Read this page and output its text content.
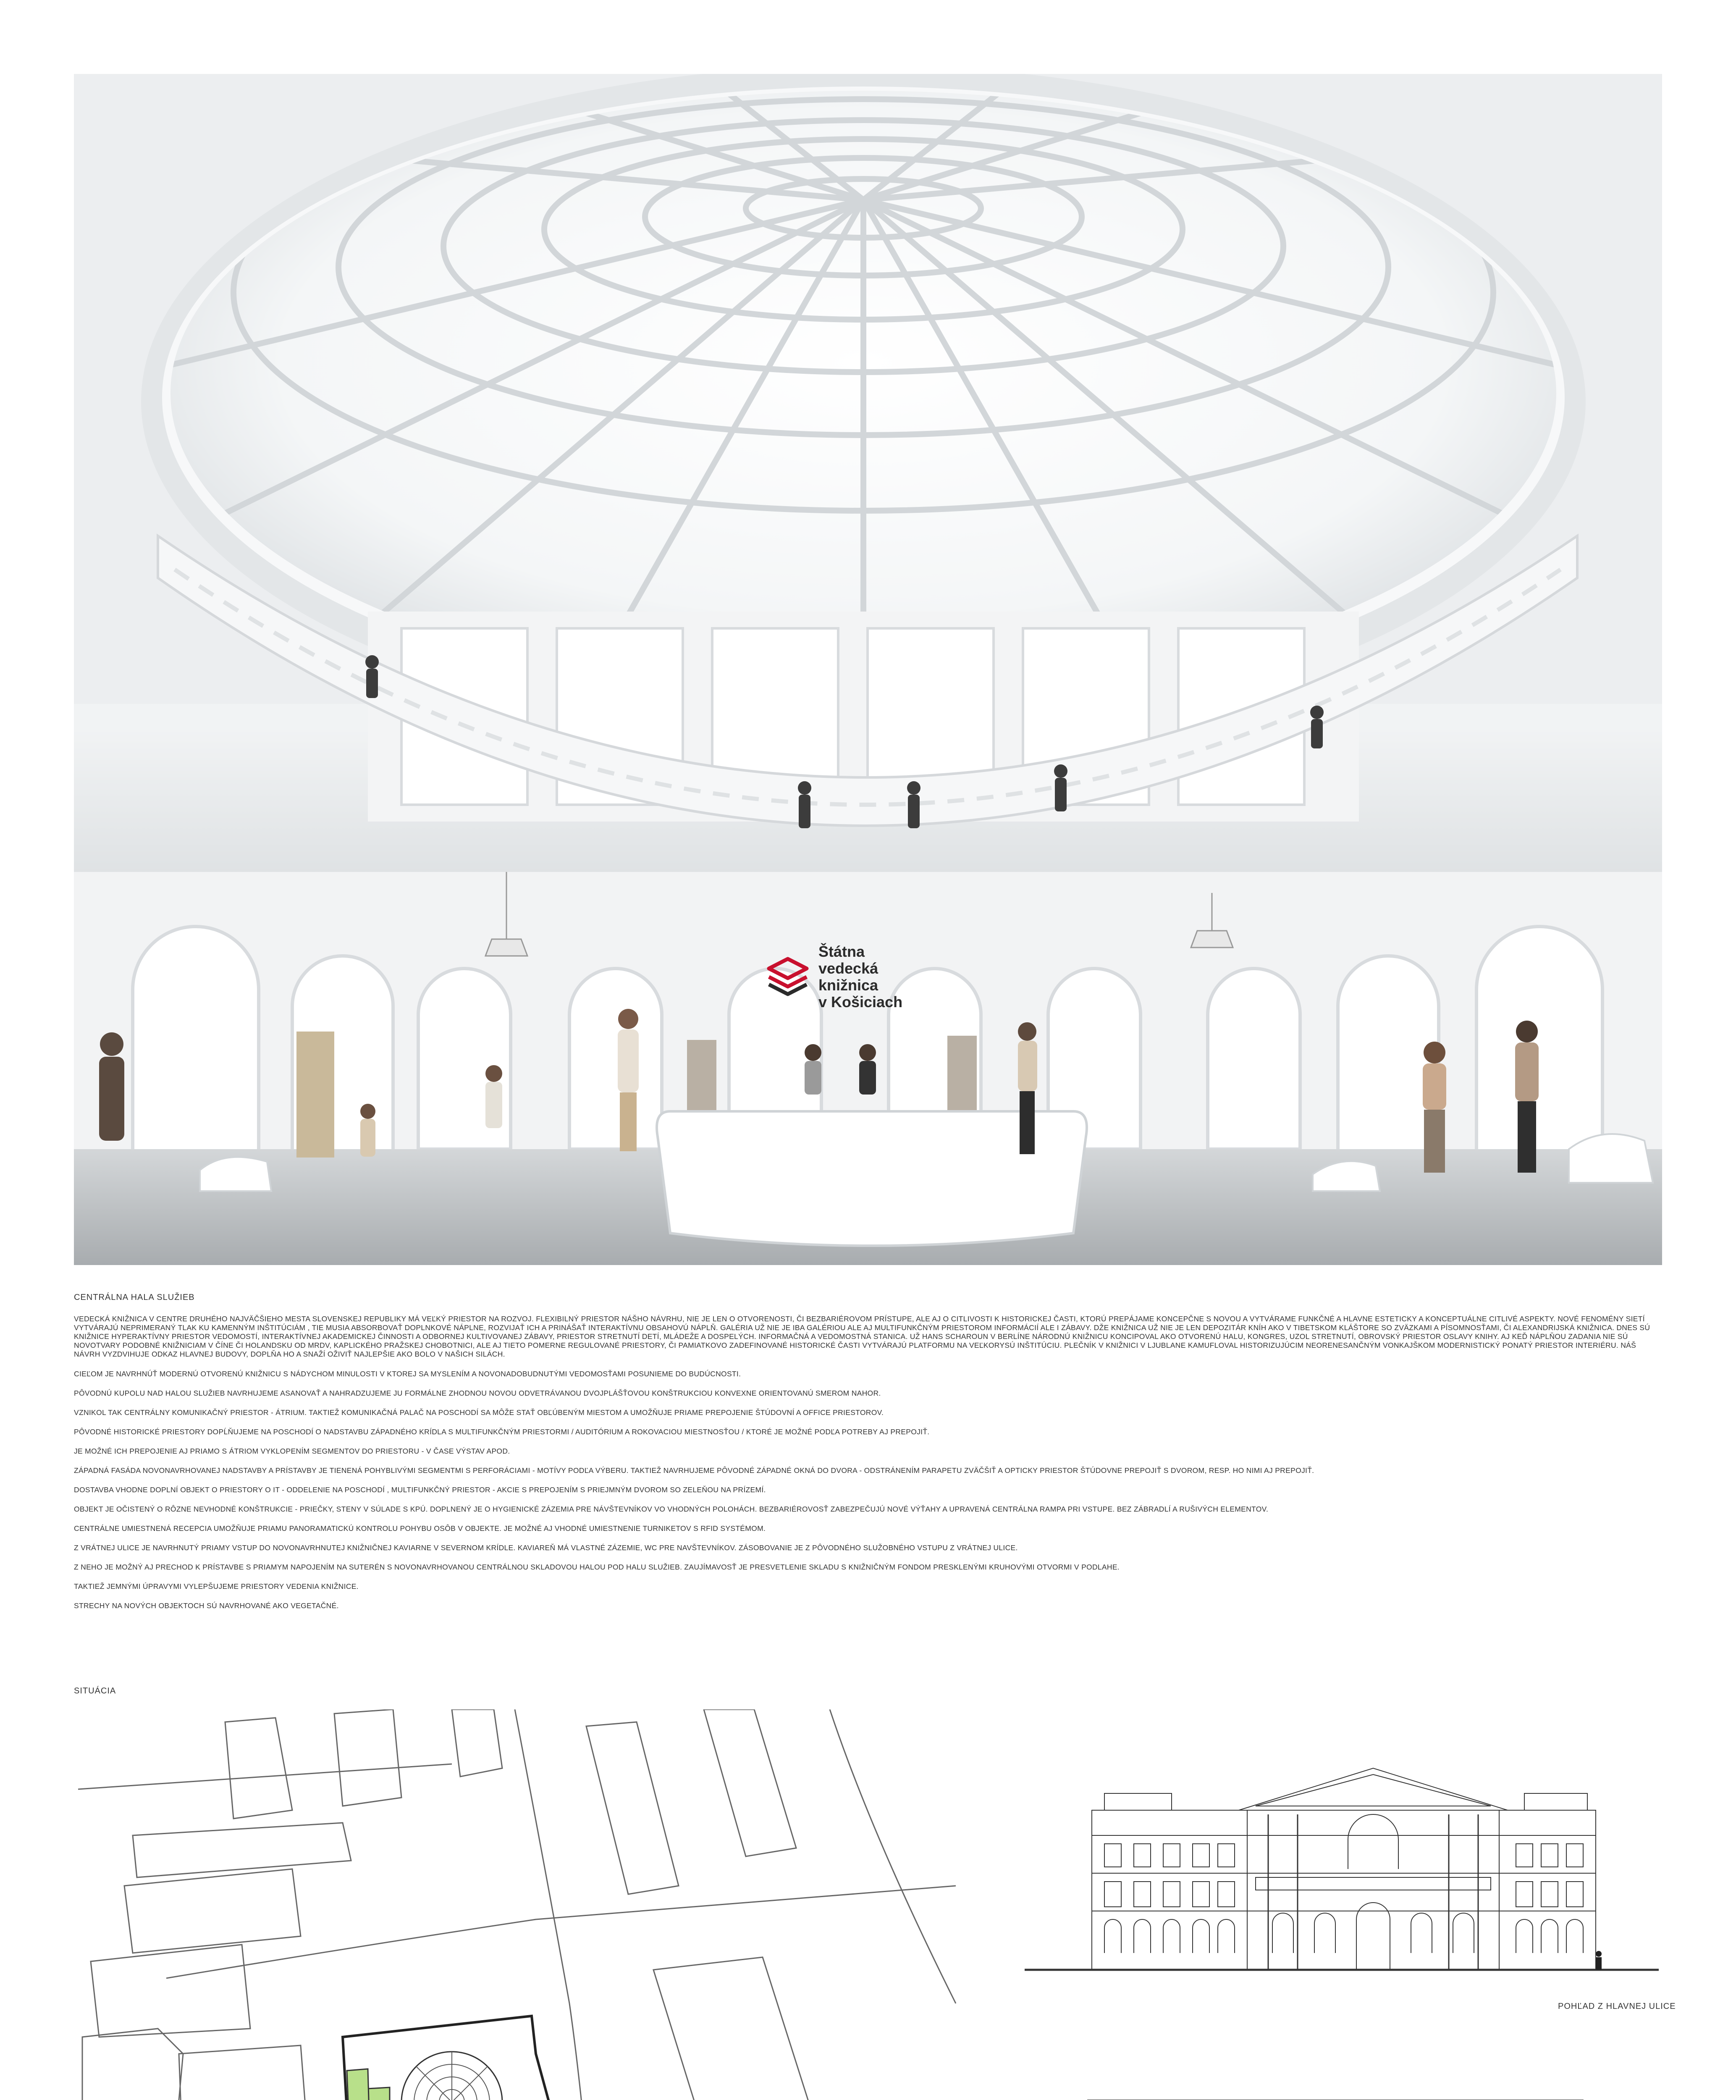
Štátna
vedecká
knižnica
v Košiciach
CENTRÁLNA HALA SLUŽIEB

VEDECKÁ KNIŽNICA V CENTRE DRUHÉHO NAJVÄČŠIEHO MESTA SLOVENSKEJ REPUBLIKY MÁ VEĽKÝ PRIESTOR NA ROZVOJ. FLEXIBILNÝ PRIESTOR NÁŠHO NÁVRHU, NIE JE LEN O OTVORENOSTI, ČI BEZBARIÉROVOM PRÍSTUPE, ALE AJ O CITLIVOSTI K HISTORICKEJ ČASTI, KTORÚ PREPÁJAME KONCEPČNE S NOVOU A VYTVÁRAME FUNKČNÉ A HLAVNE ESTETICKY A KONCEPTUÁLNE CITLIVÉ ASPEKTY. NOVÉ FENOMÉNY SIETÍ VYTVÁRAJÚ NEPRIMERANÝ TLAK KU KAMENNÝM INŠTITÚCIÁM , TIE MUSIA ABSORBOVAŤ DOPLNKOVÉ NÁPLNE, ROZVIJAŤ ICH A PRINÁŠAŤ INTERAKTÍVNU OBSAHOVÚ NÁPLŇ. GALÉRIA UŽ NIE JE IBA GALÉRIOU ALE AJ MULTIFUNKČNÝM PRIESTOROM INFORMÁCIÍ ALE I ZÁBAVY. DŽE KNIŽNICA UŽ NIE JE LEN DEPOZITÁR KNÍH AKO V TIBETSKOM KLÁŠTORE SO ZVÄZKAMI A PÍSOMNOSŤAMI, ČI ALEXANDRIJSKÁ KNIŽNICA. DNES SÚ KNIŽNICE HYPERAKTÍVNY PRIESTOR VEDOMOSTÍ, INTERAKTÍVNEJ AKADEMICKEJ ČINNOSTI A ODBORNEJ KULTIVOVANEJ ZÁBAVY, PRIESTOR STRETNUTÍ DETÍ, MLÁDEŽE A DOSPELÝCH. INFORMAČNÁ A VEDOMOSTNÁ STANICA. UŽ HANS SCHAROUN V BERLÍNE NÁRODNÚ KNIŽNICU KONCIPOVAL AKO OTVORENÚ HALU, KONGRES, UZOL STRETNUTÍ, OBROVSKÝ PRIESTOR OSLAVY KNIHY. AJ KEĎ NÁPLŇOU ZADANIA NIE SÚ NOVOTVARY PODOBNÉ KNIŽNICIAM V ČÍNE ČI HOLANDSKU OD MRDV, KAPLICKÉHO PRAŽSKEJ CHOBOTNICI, ALE AJ TIETO POMERNE REGULOVANÉ PRIESTORY, ČI PAMIATKOVO ZADEFINOVANÉ HISTORICKÉ ČASTI VYTVÁRAJÚ PLATFORMU NA VEĽKORYSÚ INŠTITÚCIU. PLEČNÍK V KNIŽNICI V LJUBLANE KAMUFLOVAL HISTORIZUJÚCIM NEORENESANČNÝM VONKAJŠKOM MODERNISTICKÝ PONATÝ PRIESTOR INTERIÉRU. NÁŠ NÁVRH VYZDVIHUJE ODKAZ HLAVNEJ BUDOVY, DOPLŇA HO A SNAŽÍ OŽIVIŤ NAJLEPŠIE AKO BOLO V NAŠICH SILÁCH.

CIEĽOM JE NAVRHNÚŤ MODERNÚ OTVORENÚ KNIŽNICU S NÁDYCHOM MINULOSTI V KTOREJ SA MYSLENÍM A NOVONADOBUDNUTÝMI VEDOMOSŤAMI POSUNIEME DO BUDÚCNOSTI.

PÔVODNÚ KUPOLU NAD HALOU SLUŽIEB NAVRHUJEME ASANOVAŤ A NAHRADZUJEME JU FORMÁLNE ZHODNOU NOVOU ODVETRÁVANOU DVOJPLÁŠŤOVOU KONŠTRUKCIOU KONVEXNE ORIENTOVANÚ SMEROM NAHOR.

VZNIKOL TAK CENTRÁLNY KOMUNIKAČNÝ PRIESTOR - ÁTRIUM. TAKTIEŽ KOMUNIKAČNÁ PALAČ NA POSCHODÍ SA MÔŽE STAŤ OBĽÚBENÝM MIESTOM A UMOŽŇUJE PRIAME PREPOJENIE ŠTÚDOVNÍ A OFFICE PRIESTOROV.

PÔVODNÉ HISTORICKÉ PRIESTORY DOPĹŇUJEME NA POSCHODÍ O NADSTAVBU ZÁPADNÉHO KRÍDLA S MULTIFUNKČNÝM PRIESTORMI / AUDITÓRIUM A ROKOVACIOU MIESTNOSŤOU / KTORÉ JE MOŽNÉ PODĽA POTREBY AJ PREPOJIŤ.

JE MOŽNÉ ICH PREPOJENIE AJ PRIAMO S ÁTRIOM VYKLOPENÍM SEGMENTOV DO PRIESTORU - V ČASE VÝSTAV APOD.

ZÁPADNÁ FASÁDA NOVONAVRHOVANEJ NADSTAVBY A PRÍSTAVBY JE TIENENÁ POHYBLIVÝMI SEGMENTMI S PERFORÁCIAMI - MOTÍVY PODĽA VÝBERU. TAKTIEŽ NAVRHUJEME PÔVODNÉ ZÁPADNÉ OKNÁ DO DVORA - ODSTRÁNENÍM PARAPETU ZVÄČŠIŤ A OPTICKY PRIESTOR ŠTÚDOVNE PREPOJIŤ S DVOROM, RESP. HO NIMI AJ PREPOJIŤ.

DOSTAVBA VHODNE DOPLNÍ OBJEKT O PRIESTORY O IT - ODDELENIE NA POSCHODÍ , MULTIFUNKČNÝ PRIESTOR - AKCIE S PREPOJENÍM S PRIEJMNÝM DVOROM SO ZELEŇOU NA PRÍZEMÍ.

OBJEKT JE OČISTENÝ O RÔZNE NEVHODNÉ KONŠTRUKCIE - PRIEČKY, STENY V SÚLADE S KPÚ. DOPLNENÝ JE O HYGIENICKÉ ZÁZEMIA PRE NÁVŠTEVNÍKOV VO VHODNÝCH POLOHÁCH. BEZBARIÉROVOSŤ ZABEZPEČUJÚ NOVÉ VÝŤAHY A UPRAVENÁ CENTRÁLNA RAMPA PRI VSTUPE. BEZ ZÁBRADLÍ A RUŠIVÝCH ELEMENTOV.

CENTRÁLNE UMIESTNENÁ RECEPCIA UMOŽŇUJE PRIAMU PANORAMATICKÚ KONTROLU POHYBU OSÔB V OBJEKTE. JE MOŽNÉ AJ VHODNÉ UMIESTNENIE TURNIKETOV S RFID SYSTÉMOM.

Z VRÁTNEJ ULICE JE NAVRHNUTÝ PRIAMY VSTUP DO NOVONAVRHNUTEJ KNIŽNIČNEJ KAVIARNE V SEVERNOM KRÍDLE. KAVIAREŇ MÁ VLASTNÉ ZÁZEMIE, WC PRE NAVŠTEVNÍKOV. ZÁSOBOVANIE JE Z PÔVODNÉHO SLUŽOBNÉHO VSTUPU Z VRÁTNEJ ULICE.

Z NEHO JE MOŽNÝ AJ PRECHOD K PRÍSTAVBE S PRIAMYM NAPOJENÍM NA SUTERÉN S NOVONAVRHOVANOU CENTRÁLNOU SKLADOVOU HALOU POD HALU SLUŽIEB. ZAUJÍMAVOSŤ JE PRESVETLENIE SKLADU S KNIŽNIČNÝM FONDOM PRESKLENÝMI KRUHOVÝMI OTVORMI V PODLAHE.

TAKTIEŽ JEMNÝMI ÚPRAVYMI VYLEPŠUJEME PRIESTORY VEDENIA KNIŽNICE.

STRECHY NA NOVÝCH OBJEKTOCH SÚ NAVRHOVANÉ AKO VEGETAČNÉ.

SITUÁCIA
POHĽAD Z HLAVNEJ ULICE
